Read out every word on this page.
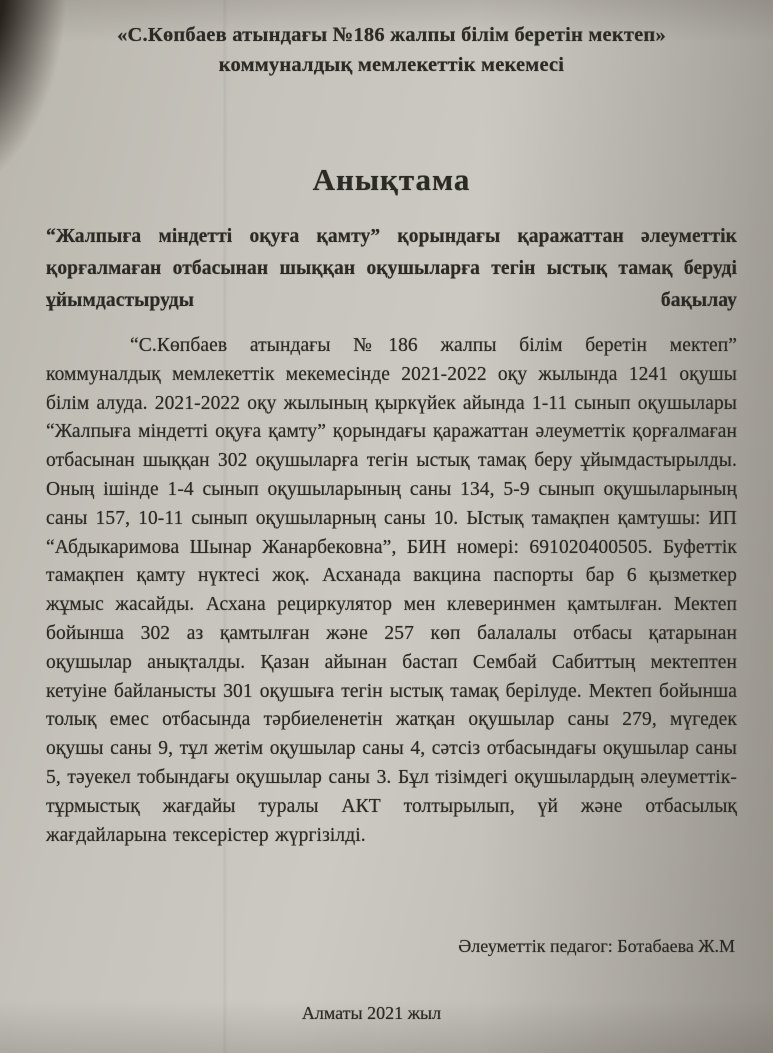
«С.Көпбаев атындағы №186 жалпы білім беретін мектеп» коммуналдық мемлекеттік мекемесі
Анықтама
“Жалпыға міндетті оқуға қамту” қорындағы қаражаттан әлеуметтік қорғалмаған отбасынан шыққан оқушыларға тегін ыстық тамақ беруді ұйымдастыруды бақылау
“С.Көпбаев атындағы №186 жалпы білім беретін мектеп” коммуналдық мемлекеттік мекемесінде 2021-2022 оқу жылында 1241 оқушы білім алуда. 2021-2022 оқу жылының қыркүйек айында 1-11 сынып оқушылары “Жалпыға міндетті оқуға қамту” қорындағы қаражаттан әлеуметтік қорғалмаған отбасынан шыққан 302 оқушыларға тегін ыстық тамақ беру ұйымдастырылды. Оның ішінде 1-4 сынып оқушыларының саны 134, 5-9 сынып оқушыларының саны 157, 10-11 сынып оқушыларның саны 10. Ыстық тамақпен қамтушы: ИП “Абдыкаримова Шынар Жанарбековна”, БИН номері: 691020400505. Буфеттік тамақпен қамту нүктесі жоқ. Асханада вакцина паспорты бар 6 қызметкер жұмыс жасайды. Асхана рециркулятор мен клеверинмен қамтылған. Мектеп бойынша 302 аз қамтылған және 257 көп балалалы отбасы қатарынан оқушылар анықталды. Қазан айынан бастап Сембай Сабиттың мектептен кетуіне байланысты 301 оқушыға тегін ыстық тамақ берілуде. Мектеп бойынша толық емес отбасында тәрбиеленетін жатқан оқушылар саны 279, мүгедек оқушы саны 9, тұл жетім оқушылар саны 4, сәтсіз отбасындағы оқушылар саны 5, тәуекел тобындағы оқушылар саны 3. Бұл тізімдегі оқушылардың әлеуметтік-тұрмыстық жағдайы туралы АКТ толтырылып, үй және отбасылық жағдайларына тексерістер жүргізілді.
Әлеуметтік педагог: Ботабаева Ж.М
Алматы 2021 жыл
